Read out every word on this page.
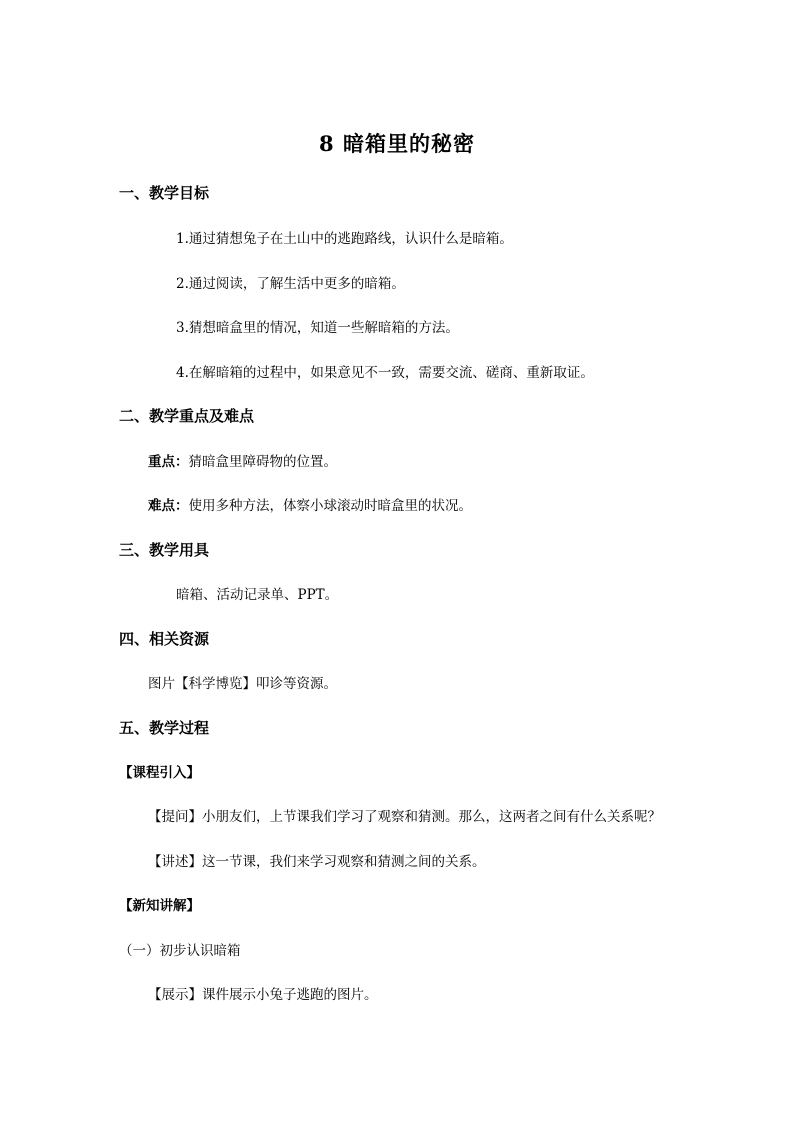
8 暗箱里的秘密
一、教学目标
1.通过猜想兔子在土山中的逃跑路线，认识什么是暗箱。
2.通过阅读，了解生活中更多的暗箱。
3.猜想暗盒里的情况，知道一些解暗箱的方法。
4.在解暗箱的过程中，如果意见不一致，需要交流、磋商、重新取证。
二、教学重点及难点
重点：猜暗盒里障碍物的位置。
难点：使用多种方法，体察小球滚动时暗盒里的状况。
三、教学用具
暗箱、活动记录单、PPT。
四、相关资源
图片【科学博览】叩诊等资源。
五、教学过程
【课程引入】
【提问】小朋友们，上节课我们学习了观察和猜测。那么，这两者之间有什么关系呢？
【讲述】这一节课，我们来学习观察和猜测之间的关系。
【新知讲解】
（一）初步认识暗箱
【展示】课件展示小兔子逃跑的图片。
